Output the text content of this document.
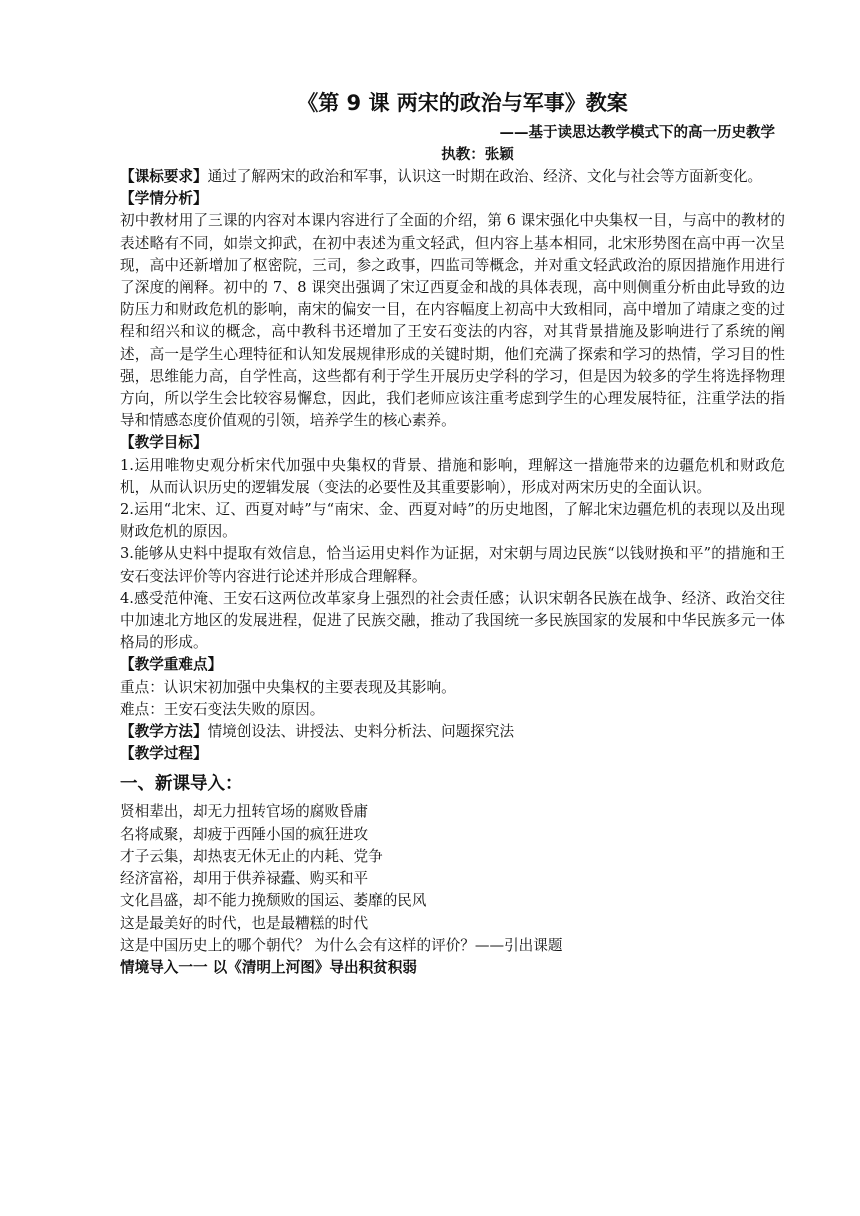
《第 9 课 两宋的政治与军事》教案

——基于读思达教学模式下的高一历史教学

执教：张颖

【课标要求】通过了解两宋的政治和军事，认识这一时期在政治、经济、文化与社会等方面新变化。

【学情分析】

初中教材用了三课的内容对本课内容进行了全面的介绍，第 6 课宋强化中央集权一目，与高中的教材的表述略有不同，如崇文抑武，在初中表述为重文轻武，但内容上基本相同，北宋形势图在高中再一次呈现，高中还新增加了枢密院，三司，参之政事，四监司等概念，并对重文轻武政治的原因措施作用进行了深度的阐释。初中的 7、8 课突出强调了宋辽西夏金和战的具体表现，高中则侧重分析由此导致的边防压力和财政危机的影响，南宋的偏安一目，在内容幅度上初高中大致相同，高中增加了靖康之变的过程和绍兴和议的概念，高中教科书还增加了王安石变法的内容，对其背景措施及影响进行了系统的阐述，高一是学生心理特征和认知发展规律形成的关键时期，他们充满了探索和学习的热情，学习目的性强，思维能力高，自学性高，这些都有利于学生开展历史学科的学习，但是因为较多的学生将选择物理方向，所以学生会比较容易懈怠，因此，我们老师应该注重考虑到学生的心理发展特征，注重学法的指导和情感态度价值观的引领，培养学生的核心素养。

【教学目标】

1.运用唯物史观分析宋代加强中央集权的背景、措施和影响，理解这一措施带来的边疆危机和财政危机，从而认识历史的逻辑发展（变法的必要性及其重要影响），形成对两宋历史的全面认识。

2.运用“北宋、辽、西夏对峙”与“南宋、金、西夏对峙”的历史地图，了解北宋边疆危机的表现以及出现财政危机的原因。

3.能够从史料中提取有效信息，恰当运用史料作为证据，对宋朝与周边民族“以钱财换和平”的措施和王安石变法评价等内容进行论述并形成合理解释。

4.感受范仲淹、王安石这两位改革家身上强烈的社会责任感；认识宋朝各民族在战争、经济、政治交往中加速北方地区的发展进程，促进了民族交融，推动了我国统一多民族国家的发展和中华民族多元一体格局的形成。

【教学重难点】

重点：认识宋初加强中央集权的主要表现及其影响。

难点：王安石变法失败的原因。

【教学方法】情境创设法、讲授法、史料分析法、问题探究法

【教学过程】

一、新课导入：

贤相辈出，却无力扭转官场的腐败昏庸

名将咸聚，却疲于西陲小国的疯狂进攻

才子云集，却热衷无休无止的内耗、党争

经济富裕，却用于供养禄蠹、购买和平

文化昌盛，却不能力挽颓败的国运、萎靡的民风

这是最美好的时代，也是最糟糕的时代

这是中国历史上的哪个朝代？ 为什么会有这样的评价？——引出课题

情境导入一一 以《清明上河图》导出积贫积弱
